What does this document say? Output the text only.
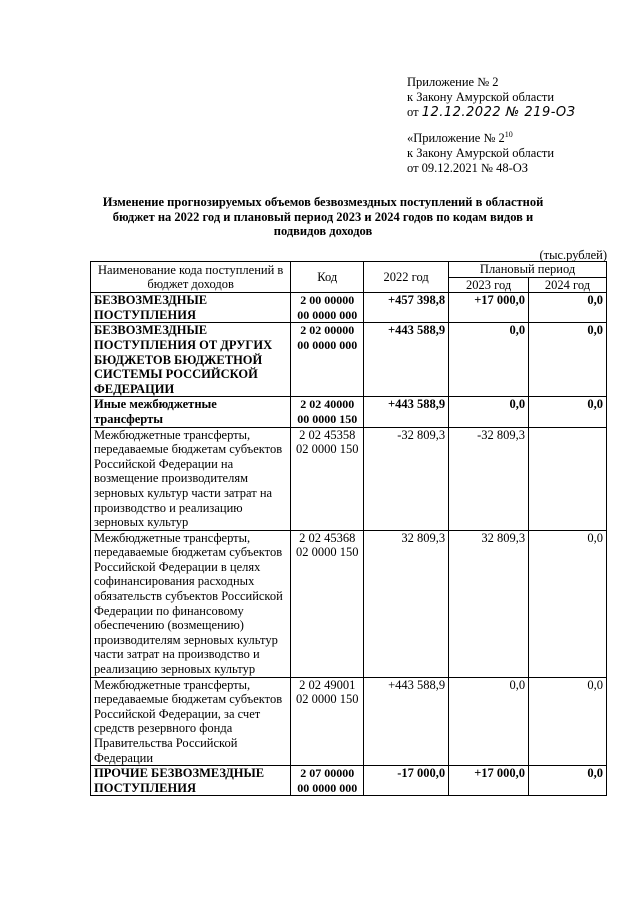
Приложение № 2
к Закону Амурской области
от 12.12.2022 № 219-ОЗ
«Приложение № $2^{10}$
к Закону Амурской области
от 09.12.2021 № 48-ОЗ
Изменение прогнозируемых объемов безвозмездных поступлений в областной бюджет на 2022 год и плановый период 2023 и 2024 годов по кодам видов и подвидов доходов
(тыс.рублей)
Наименование кода поступлений в бюджет доходов	Код	2022 год	Плановый период	
			2023 год	2024 год
БЕЗВОЗМЕЗДНЫЕ ПОСТУПЛЕНИЯ	2 00 00000 00 0000 000	+457 398,8	+17 000,0	0,0
БЕЗВОЗМЕЗДНЫЕ ПОСТУПЛЕНИЯ ОТ ДРУГИХ БЮДЖЕТОВ БЮДЖЕТНОЙ СИСТЕМЫ РОССИЙСКОЙ ФЕДЕРАЦИИ	2 02 00000 00 0000 000	+443 588,9	0,0	0,0
Иные межбюджетные трансферты	2 02 40000 00 0000 150	+443 588,9	0,0	0,0
Межбюджетные трансферты, передаваемые бюджетам субъектов Российской Федерации на возмещение производителям зерновых культур части затрат на производство и реализацию зерновых культур	2 02 45358 02 0000 150	-32 809,3	-32 809,3	
Межбюджетные трансферты, передаваемые бюджетам субъектов Российской Федерации в целях софинансирования расходных обязательств субъектов Российской Федерации по финансовому обеспечению (возмещению) производителям зерновых культур части затрат на производство и реализацию зерновых культур	2 02 45368 02 0000 150	32 809,3	32 809,3	0,0
Межбюджетные трансферты, передаваемые бюджетам субъектов Российской Федерации, за счет средств резервного фонда Правительства Российской Федерации	2 02 49001 02 0000 150	+443 588,9	0,0	0,0
ПРОЧИЕ БЕЗВОЗМЕЗДНЫЕ ПОСТУПЛЕНИЯ	2 07 00000 00 0000 000	-17 000,0	+17 000,0	0,0
